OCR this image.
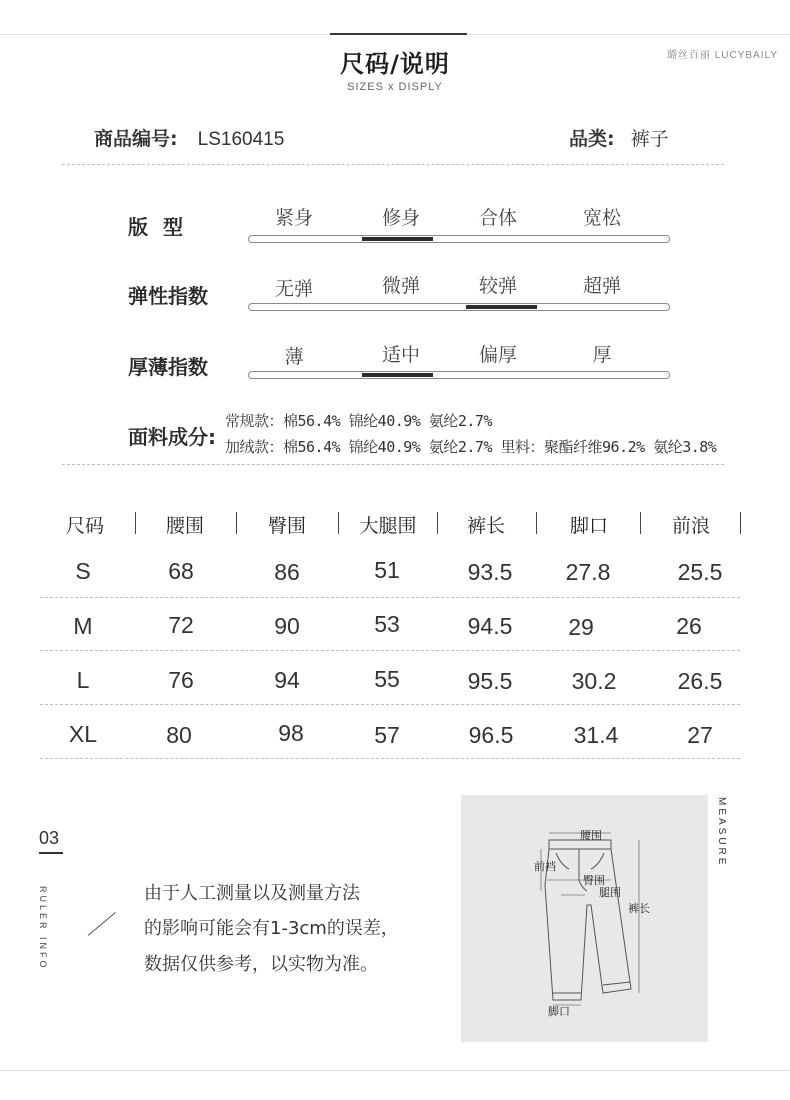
尺码/说明
SIZES x DISPLY
璐丝百丽 LUCYBAILY
商品编号: LS160415	品类: 裤子
版 型	紧身	修身	合体	宽松
弹性指数	无弹	微弹	较弹	超弹
厚薄指数	薄	适中	偏厚	厚
面料成分:
常规款：棉56.4% 锦纶40.9% 氨纶2.7%
加绒款：棉56.4% 锦纶40.9% 氨纶2.7% 里料：聚酯纤维96.2% 氨纶3.8%
尺码	腰围	臀围	大腿围	裤长	脚口	前浪
S	68	86	51	93.5	27.8	25.5
M	72	90	53	94.5	29	26
L	76	94	55	95.5	30.2	26.5
XL	80	98	57	96.5	31.4	27
03
RULER INFO	由于人工测量以及测量方法
的影响可能会有1-3cm的误差，
数据仅供参考，以实物为准。
腰围
前裆
臀围
腿围
裤长
脚口
MEASURE
